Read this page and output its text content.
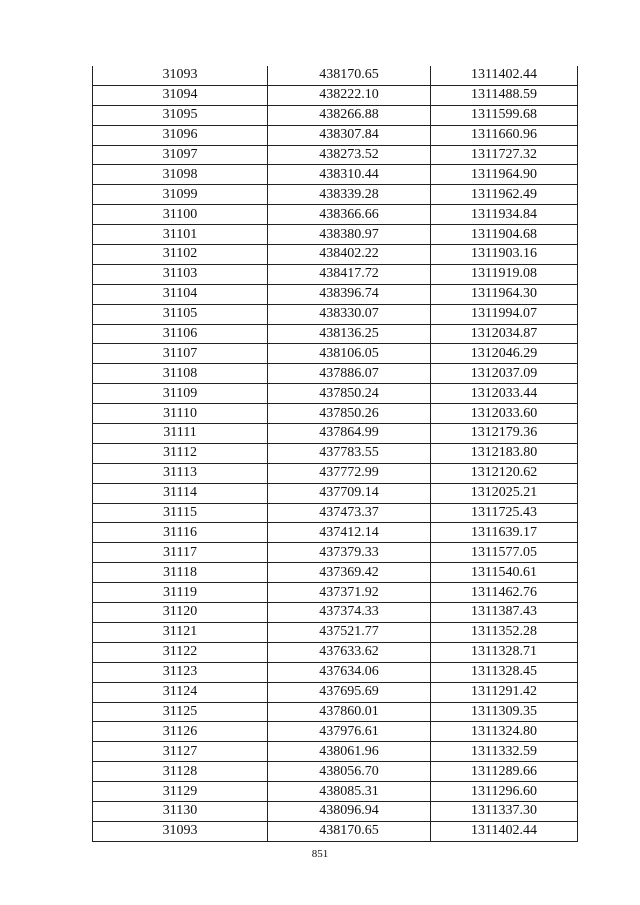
31093	438170.65	1311402.44
31094	438222.10	1311488.59
31095	438266.88	1311599.68
31096	438307.84	1311660.96
31097	438273.52	1311727.32
31098	438310.44	1311964.90
31099	438339.28	1311962.49
31100	438366.66	1311934.84
31101	438380.97	1311904.68
31102	438402.22	1311903.16
31103	438417.72	1311919.08
31104	438396.74	1311964.30
31105	438330.07	1311994.07
31106	438136.25	1312034.87
31107	438106.05	1312046.29
31108	437886.07	1312037.09
31109	437850.24	1312033.44
31110	437850.26	1312033.60
31111	437864.99	1312179.36
31112	437783.55	1312183.80
31113	437772.99	1312120.62
31114	437709.14	1312025.21
31115	437473.37	1311725.43
31116	437412.14	1311639.17
31117	437379.33	1311577.05
31118	437369.42	1311540.61
31119	437371.92	1311462.76
31120	437374.33	1311387.43
31121	437521.77	1311352.28
31122	437633.62	1311328.71
31123	437634.06	1311328.45
31124	437695.69	1311291.42
31125	437860.01	1311309.35
31126	437976.61	1311324.80
31127	438061.96	1311332.59
31128	438056.70	1311289.66
31129	438085.31	1311296.60
31130	438096.94	1311337.30
31093	438170.65	1311402.44
851
